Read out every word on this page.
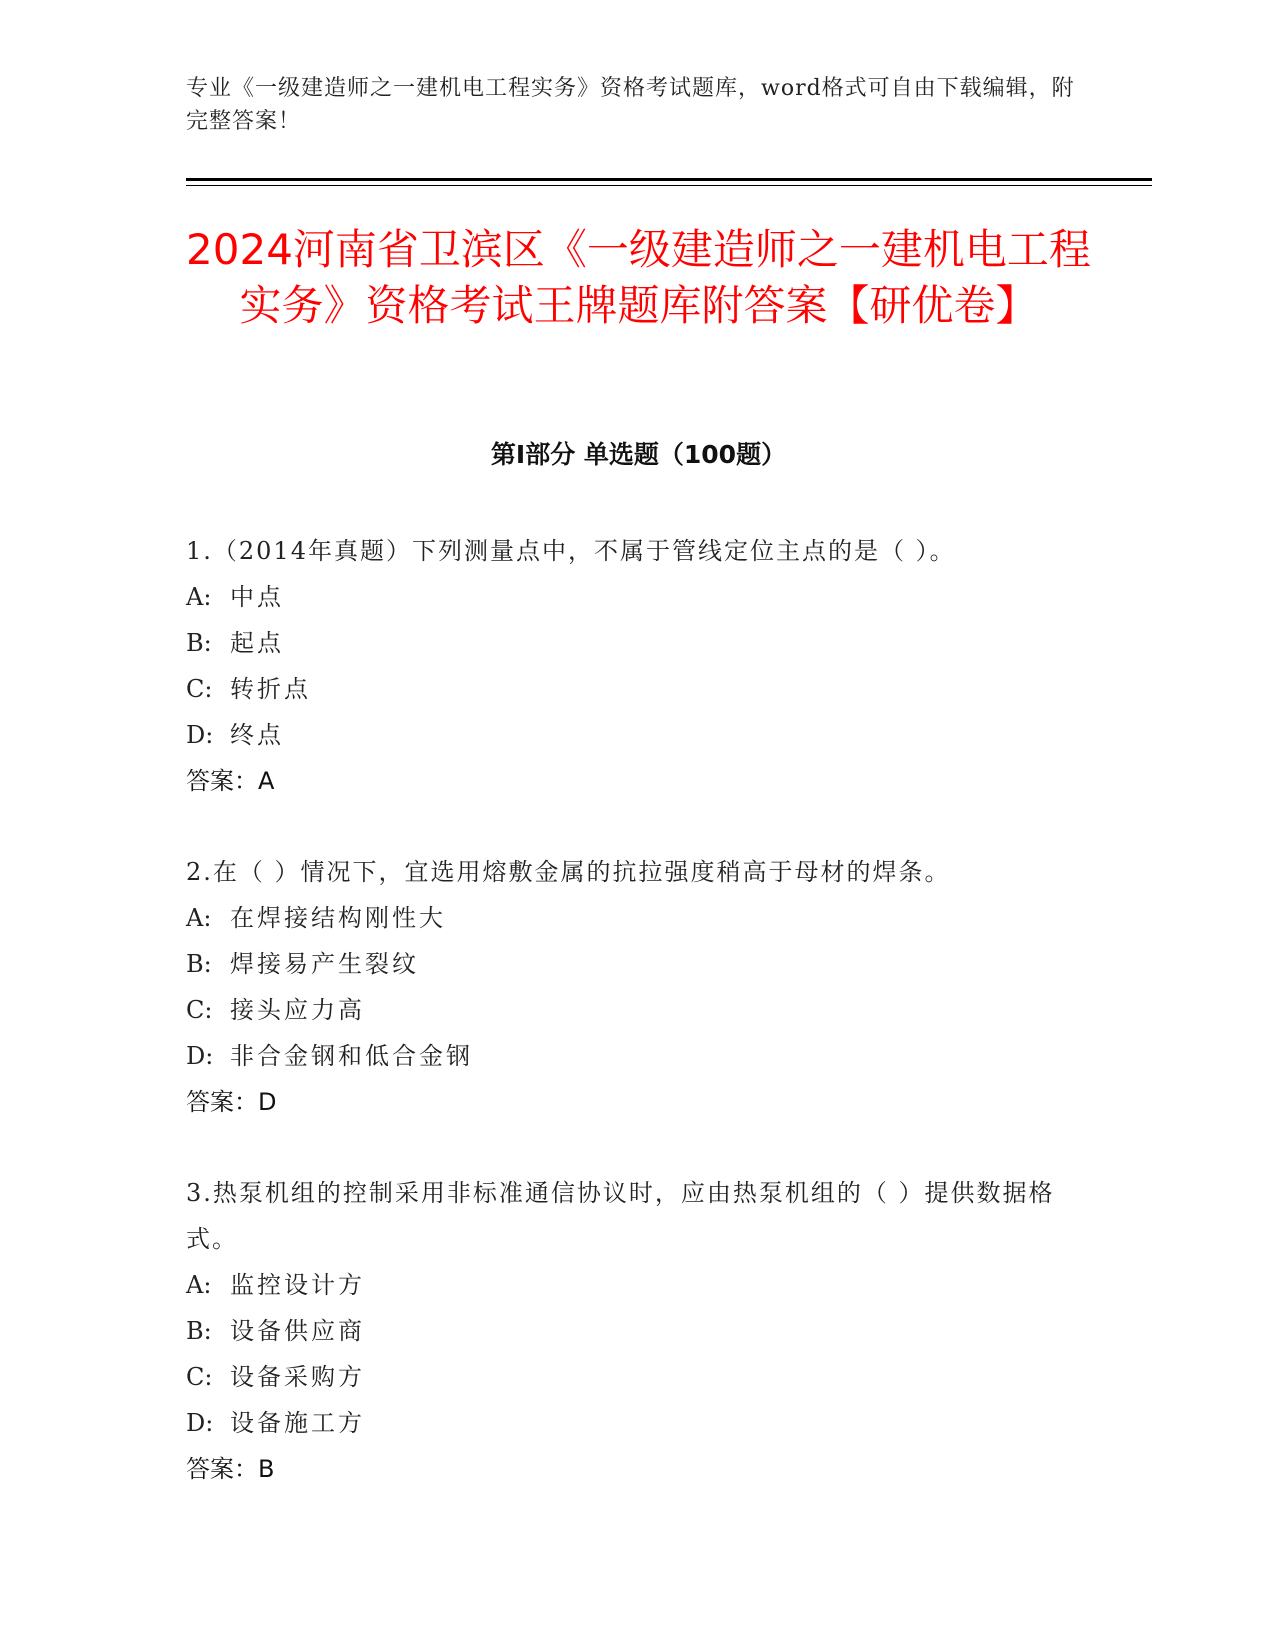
专业《一级建造师之一建机电工程实务》资格考试题库，word格式可自由下载编辑，附完整答案！
2024河南省卫滨区《一级建造师之一建机电工程实务》资格考试王牌题库附答案【研优卷】
第I部分 单选题（100题）

1.（2014年真题）下列测量点中，不属于管线定位主点的是（ ）。

A: 中点

B: 起点

C: 转折点

D: 终点

答案：A

2.在（ ）情况下，宜选用熔敷金属的抗拉强度稍高于母材的焊条。

A: 在焊接结构刚性大

B: 焊接易产生裂纹

C: 接头应力高

D: 非合金钢和低合金钢

答案：D

3.热泵机组的控制采用非标准通信协议时，应由热泵机组的（ ）提供数据格式。

A: 监控设计方

B: 设备供应商

C: 设备采购方

D: 设备施工方

答案：B
